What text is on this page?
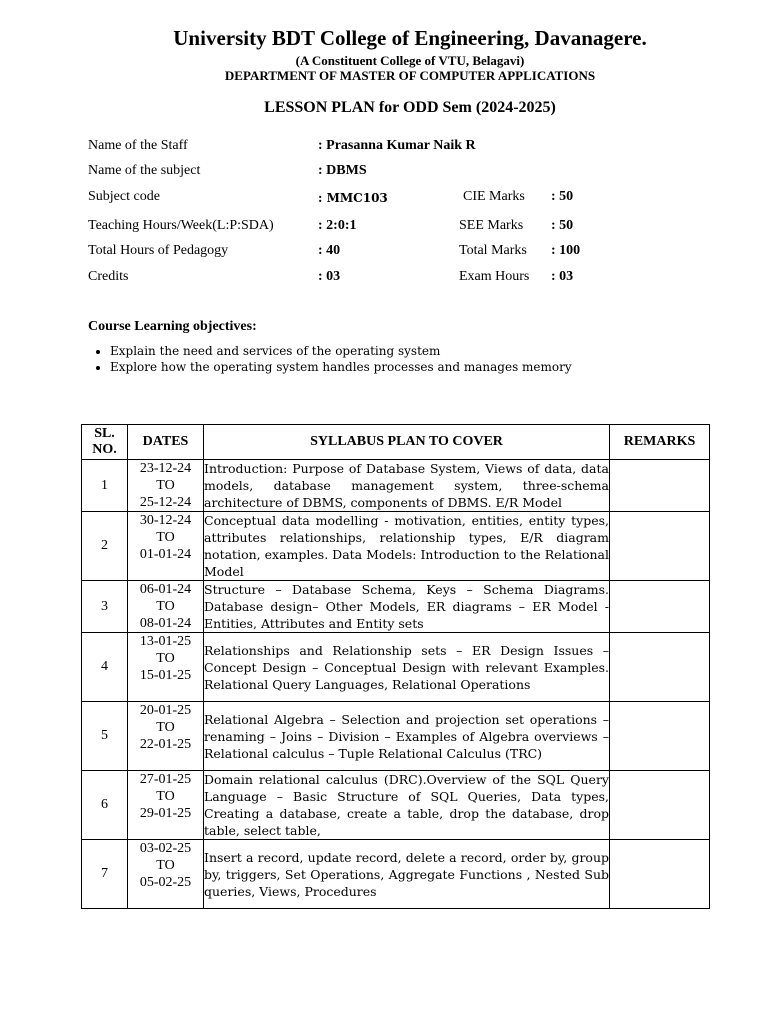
University BDT College of Engineering, Davanagere.
(A Constituent College of VTU, Belagavi)
DEPARTMENT OF MASTER OF COMPUTER APPLICATIONS
LESSON PLAN for ODD Sem (2024-2025)
Name of the Staff	: Prasanna Kumar Naik R
Name of the subject	: DBMS
Subject code	: MMC103	CIE Marks : 50
Teaching Hours/Week(L:P:SDA)	: 2:0:1	SEE Marks : 50
Total Hours of Pedagogy	: 40	Total Marks : 100
Credits	: 03	Exam Hours : 03
Course Learning objectives:
• Explain the need and services of the operating system
• Explore how the operating system handles processes and manages memory
SL. NO.	DATES	SYLLABUS PLAN TO COVER	REMARKS
1	23-12-24
TO
25-12-24	Introduction: Purpose of Database System, Views of data, data models, database management system, three-schema architecture of DBMS, components of DBMS. E/R Model	
2	30-12-24
TO
01-01-24	Conceptual data modelling - motivation, entities, entity types, attributes relationships, relationship types, E/R diagram notation, examples. Data Models: Introduction to the Relational Model	
3	06-01-24
TO
08-01-24	Structure – Database Schema, Keys – Schema Diagrams. Database design– Other Models, ER diagrams – ER Model - Entities, Attributes and Entity sets	
4	13-01-25
TO
15-01-25	Relationships and Relationship sets – ER Design Issues – Concept Design – Conceptual Design with relevant Examples. Relational Query Languages, Relational Operations	
5	20-01-25
TO
22-01-25	Relational Algebra – Selection and projection set operations – renaming – Joins – Division – Examples of Algebra overviews – Relational calculus – Tuple Relational Calculus (TRC)	
6	27-01-25
TO
29-01-25	Domain relational calculus (DRC).Overview of the SQL Query Language – Basic Structure of SQL Queries, Data types, Creating a database, create a table, drop the database, drop table, select table,	
7	03-02-25
TO
05-02-25	Insert a record, update record, delete a record, order by, group by, triggers, Set Operations, Aggregate Functions , Nested Sub queries, Views, Procedures	
